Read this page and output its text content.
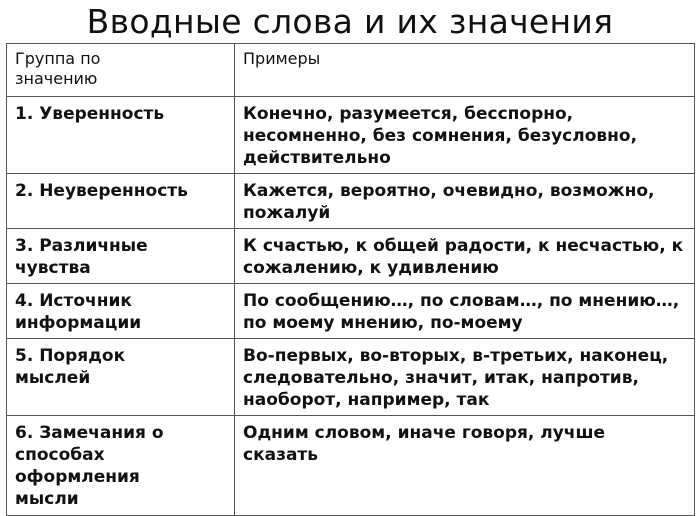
Вводные слова и их значения
Группа по значению	Примеры
1. Уверенность	Конечно, разумеется, бесспорно, несомненно, без сомнения, безусловно, действительно
2. Неуверенность	Кажется, вероятно, очевидно, возможно, пожалуй
3. Различные чувства	К счастью, к общей радости, к несчастью, к сожалению, к удивлению
4. Источник информации	По сообщению…, по словам…, по мнению…, по моему мнению, по-моему
5. Порядок мыслей	Во-первых, во-вторых, в-третьих, наконец, следовательно, значит, итак, напротив, наоборот, например, так
6. Замечания о способах оформления мысли	Одним словом, иначе говоря, лучше сказать
